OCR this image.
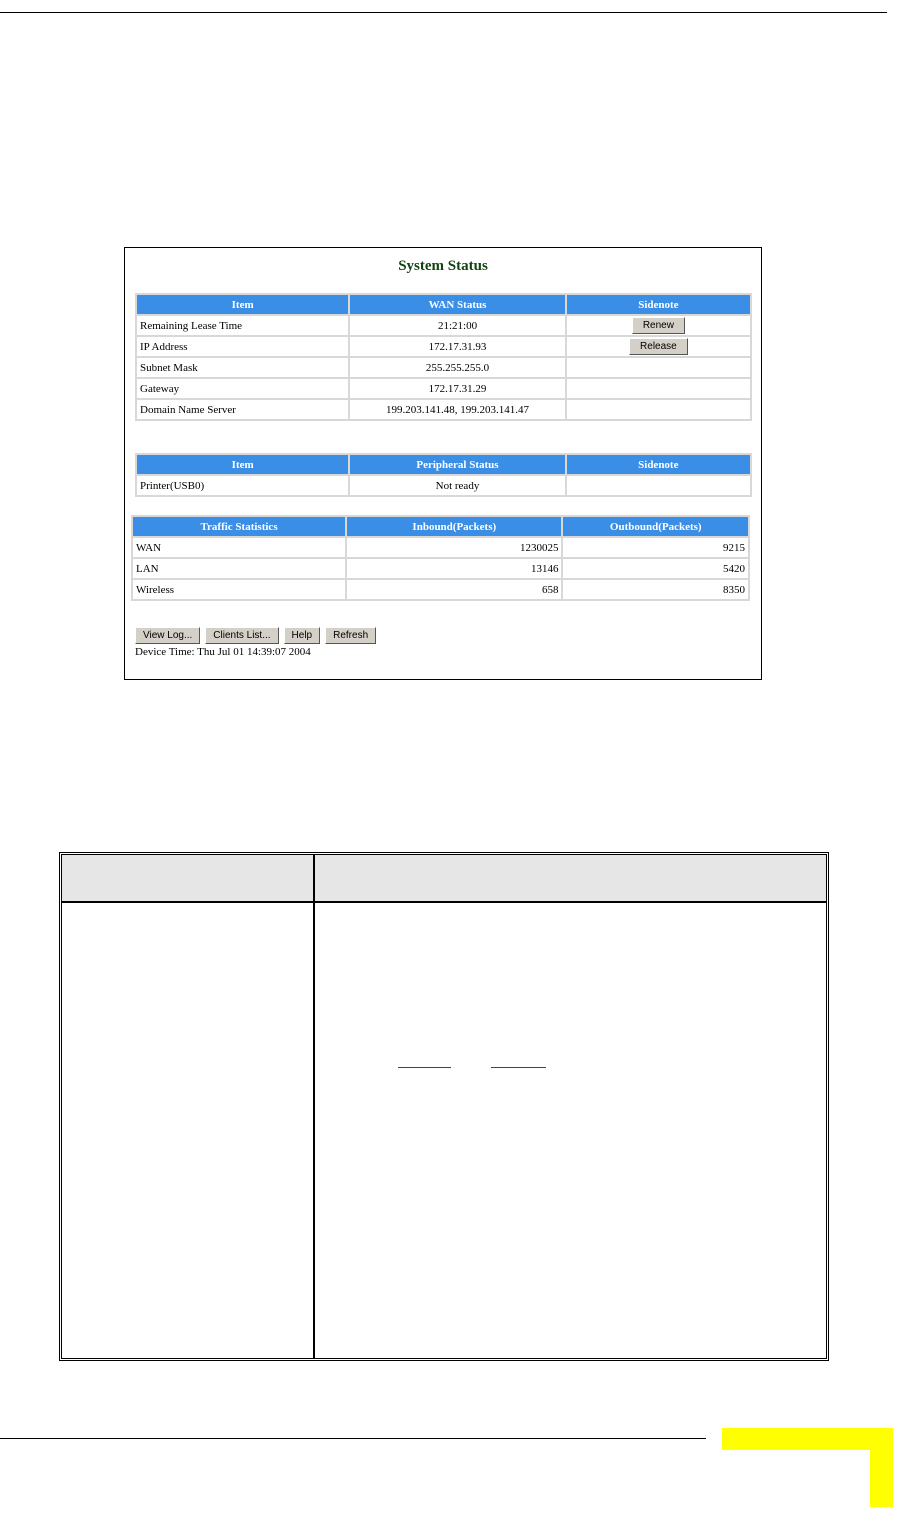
System Status
Item	WAN Status	Sidenote
Remaining Lease Time	21:21:00	Renew
IP Address	172.17.31.93	Release
Subnet Mask	255.255.255.0	
Gateway	172.17.31.29	
Domain Name Server	199.203.141.48, 199.203.141.47	
Item	Peripheral Status	Sidenote
Printer(USB0)	Not ready	
Traffic Statistics	Inbound(Packets)	Outbound(Packets)
WAN	1230025	9215
LAN	13146	5420
Wireless	658	8350
View Log... Clients List... Help Refresh
Device Time: Thu Jul 01 14:39:07 2004
